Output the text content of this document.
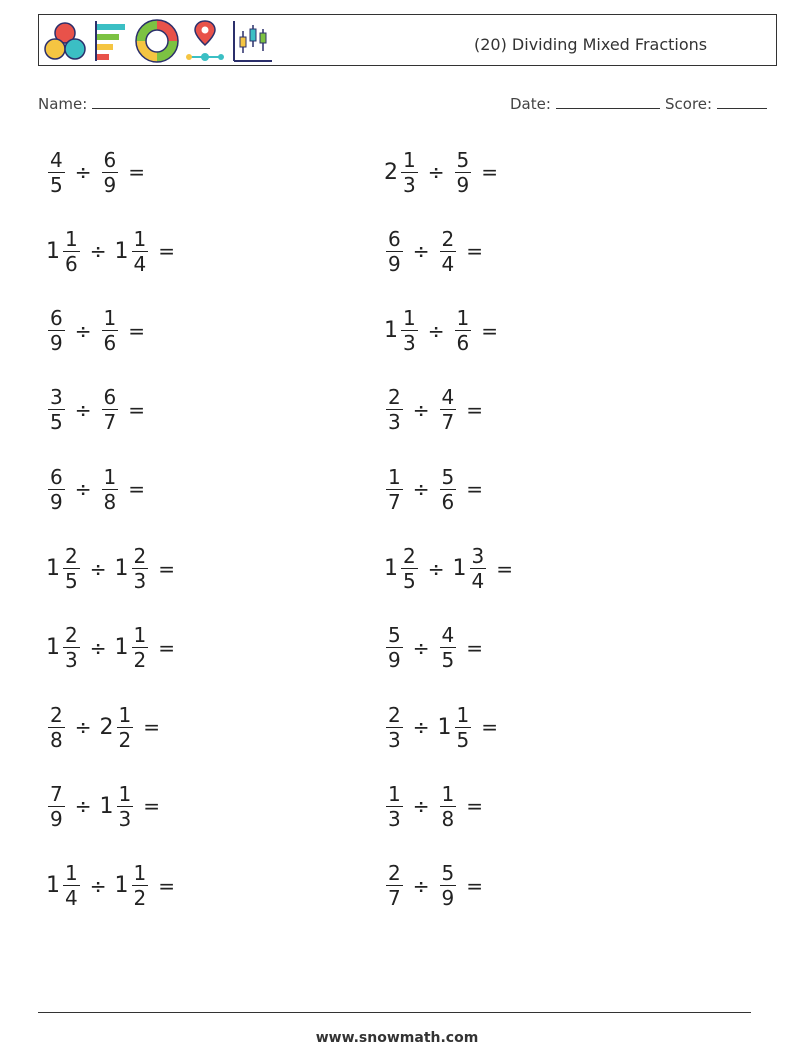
(20) Dividing Mixed Fractions
Name:	Date:	Score:
$\frac{4}{5} \div \frac{6}{9}$ =	$2 \frac{1}{3} \div \frac{5}{9}$ =
$1 \frac{1}{6} \div 1 \frac{1}{4}$ =	$\frac{6}{9} \div \frac{2}{4}$ =
$\frac{6}{9} \div \frac{1}{6}$ =	$1 \frac{1}{3} \div \frac{1}{6}$ =
$\frac{3}{5} \div \frac{6}{7}$ =	$\frac{2}{3} \div \frac{4}{7}$ =
$\frac{6}{9} \div \frac{1}{8}$ =	$\frac{1}{7} \div \frac{5}{6}$ =
$1 \frac{2}{5} \div 1 \frac{2}{3}$ =	$1 \frac{2}{5} \div 1 \frac{3}{4}$ =
$1 \frac{2}{3} \div 1 \frac{1}{2}$ =	$\frac{5}{9} \div \frac{4}{5}$ =
$\frac{2}{8} \div 2 \frac{1}{2}$ =	$\frac{2}{3} \div 1 \frac{1}{5}$ =
$\frac{7}{9} \div 1 \frac{1}{3}$ =	$\frac{1}{3} \div \frac{1}{8}$ =
$1 \frac{1}{4} \div 1 \frac{1}{2}$ =	$\frac{2}{7} \div \frac{5}{9}$ =
www.snowmath.com
